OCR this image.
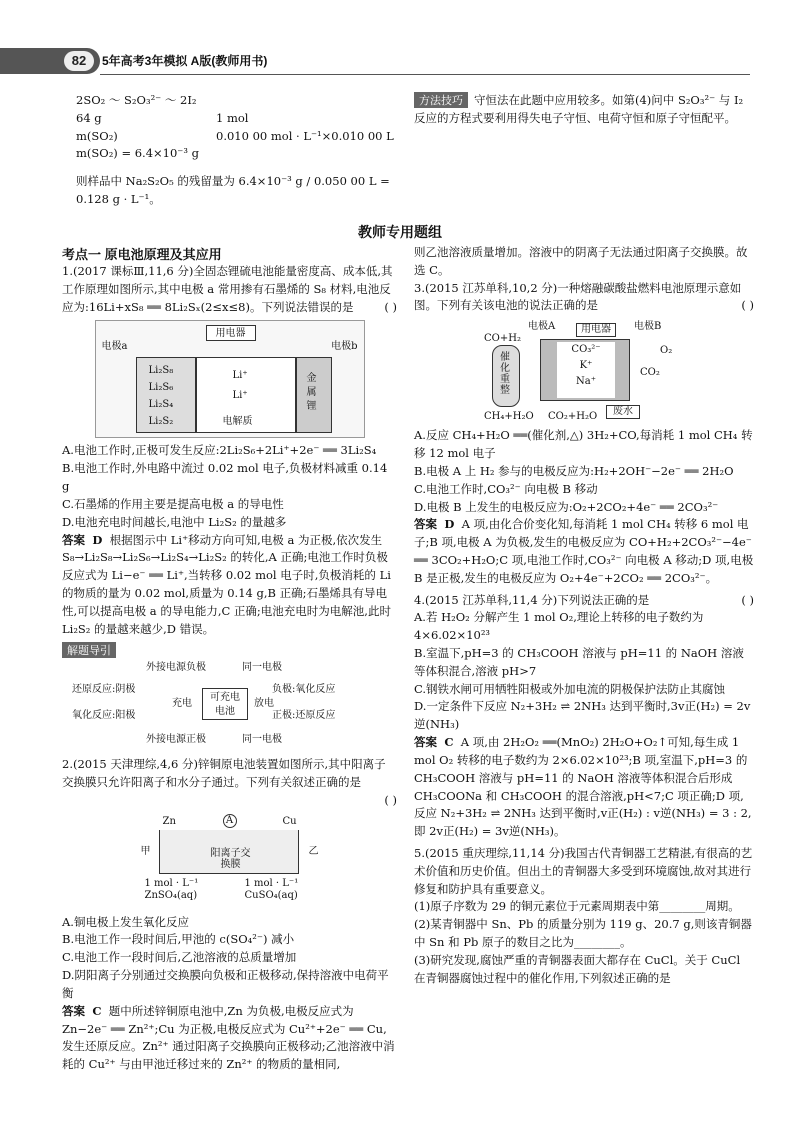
82	5年高考3年模拟 A版(教师用书)

2SO₂ ～ S₂O₃²⁻ ～ 2I₂

64 g	1 mol

m(SO₂)	0.010 00 mol · L⁻¹×0.010 00 L

m(SO₂) = 6.4×10⁻³ g

则样品中 Na₂S₂O₅ 的残留量为 6.4×10⁻³ g / 0.050 00 L = 0.128 g · L⁻¹。

方法技巧 守恒法在此题中应用较多。如第(4)问中 S₂O₃²⁻ 与 I₂ 反应的方程式要利用得失电子守恒、电荷守恒和原子守恒配平。

教师专用题组

考点一 原电池原理及其应用

1.(2017 课标Ⅲ,11,6 分)全固态锂硫电池能量密度高、成本低,其工作原理如图所示,其中电极 a 常用掺有石墨烯的 S₈ 材料,电池反应为:16Li+xS₈ ══ 8Li₂Sₓ(2≤x≤8)。下列说法错误的是	( )

用电器
电极a	电极b
Li₂S₈
Li₂S₆
Li₂S₄
Li₂S₂
Li⁺
Li⁺
电解质
金属锂

A.电池工作时,正极可发生反应:2Li₂S₆+2Li⁺+2e⁻ ══ 3Li₂S₄

B.电池工作时,外电路中流过 0.02 mol 电子,负极材料减重 0.14 g

C.石墨烯的作用主要是提高电极 a 的导电性

D.电池充电时间越长,电池中 Li₂S₂ 的量越多

答案 D 根据图示中 Li⁺移动方向可知,电极 a 为正极,依次发生 S₈→Li₂S₈→Li₂S₆→Li₂S₄→Li₂S₂ 的转化,A 正确;电池工作时负极反应式为 Li−e⁻ ══ Li⁺,当转移 0.02 mol 电子时,负极消耗的 Li 的物质的量为 0.02 mol,质量为 0.14 g,B 正确;石墨烯具有导电性,可以提高电极 a 的导电能力,C 正确;电池充电时为电解池,此时 Li₂S₂ 的量越来越少,D 错误。

解题导引

外接电源负极	同一电极
还原反应:阴极	负极:氧化反应
可充电
电池
充电	放电
氧化反应:阳极	正极:还原反应
外接电源正极	同一电极

2.(2015 天津理综,4,6 分)锌铜原电池装置如图所示,其中阳离子交换膜只允许阳离子和水分子通过。下列有关叙述正确的是

( )

Zn	A	Cu
甲	乙
阳离子交换膜
1 mol · L⁻¹ ZnSO₄(aq)
1 mol · L⁻¹ CuSO₄(aq)

A.铜电极上发生氧化反应

B.电池工作一段时间后,甲池的 c(SO₄²⁻) 减小

C.电池工作一段时间后,乙池溶液的总质量增加

D.阴阳离子分别通过交换膜向负极和正极移动,保持溶液中电荷平衡

答案 C 题中所述锌铜原电池中,Zn 为负极,电极反应式为 Zn−2e⁻ ══ Zn²⁺;Cu 为正极,电极反应式为 Cu²⁺+2e⁻ ══ Cu,发生还原反应。Zn²⁺ 通过阳离子交换膜向正极移动;乙池溶液中消耗的 Cu²⁺ 与由甲池迁移过来的 Zn²⁺ 的物质的量相同,

则乙池溶液质量增加。溶液中的阴离子无法通过阳离子交换膜。故选 C。

3.(2015 江苏单科,10,2 分)一种熔融碳酸盐燃料电池原理示意如图。下列有关该电池的说法正确的是	( )

电极A	电极B
用电器
CO+H₂
催化重整
CO₃²⁻
K⁺
Na⁺
O₂
CO₂
CH₄+H₂O CO₂+H₂O	废水

A.反应 CH₄+H₂O ══(催化剂,△) 3H₂+CO,每消耗 1 mol CH₄ 转移 12 mol 电子

B.电极 A 上 H₂ 参与的电极反应为:H₂+2OH⁻−2e⁻ ══ 2H₂O

C.电池工作时,CO₃²⁻ 向电极 B 移动

D.电极 B 上发生的电极反应为:O₂+2CO₂+4e⁻ ══ 2CO₃²⁻

答案 D A 项,由化合价变化知,每消耗 1 mol CH₄ 转移 6 mol 电子;B 项,电极 A 为负极,发生的电极反应为 CO+H₂+2CO₃²⁻−4e⁻ ══ 3CO₂+H₂O;C 项,电池工作时,CO₃²⁻ 向电极 A 移动;D 项,电极 B 是正极,发生的电极反应为 O₂+4e⁻+2CO₂ ══ 2CO₃²⁻。

4.(2015 江苏单科,11,4 分)下列说法正确的是	( )

A.若 H₂O₂ 分解产生 1 mol O₂,理论上转移的电子数约为 4×6.02×10²³

B.室温下,pH=3 的 CH₃COOH 溶液与 pH=11 的 NaOH 溶液等体积混合,溶液 pH>7

C.钢铁水闸可用牺牲阳极或外加电流的阴极保护法防止其腐蚀

D.一定条件下反应 N₂+3H₂ ⇌ 2NH₃ 达到平衡时,3v正(H₂) = 2v逆(NH₃)

答案 C A 项,由 2H₂O₂ ══(MnO₂) 2H₂O+O₂↑可知,每生成 1 mol O₂ 转移的电子数约为 2×6.02×10²³;B 项,室温下,pH=3 的 CH₃COOH 溶液与 pH=11 的 NaOH 溶液等体积混合后形成 CH₃COONa 和 CH₃COOH 的混合溶液,pH<7;C 项正确;D 项,反应 N₂+3H₂ ⇌ 2NH₃ 达到平衡时,v正(H₂) : v逆(NH₃) = 3 : 2,即 2v正(H₂) = 3v逆(NH₃)。

5.(2015 重庆理综,11,14 分)我国古代青铜器工艺精湛,有很高的艺术价值和历史价值。但出土的青铜器大多受到环境腐蚀,故对其进行修复和防护具有重要意义。

(1)原子序数为 29 的铜元素位于元素周期表中第________周期。

(2)某青铜器中 Sn、Pb 的质量分别为 119 g、20.7 g,则该青铜器中 Sn 和 Pb 原子的数目之比为________。

(3)研究发现,腐蚀严重的青铜器表面大都存在 CuCl。关于 CuCl 在青铜器腐蚀过程中的催化作用,下列叙述正确的是
